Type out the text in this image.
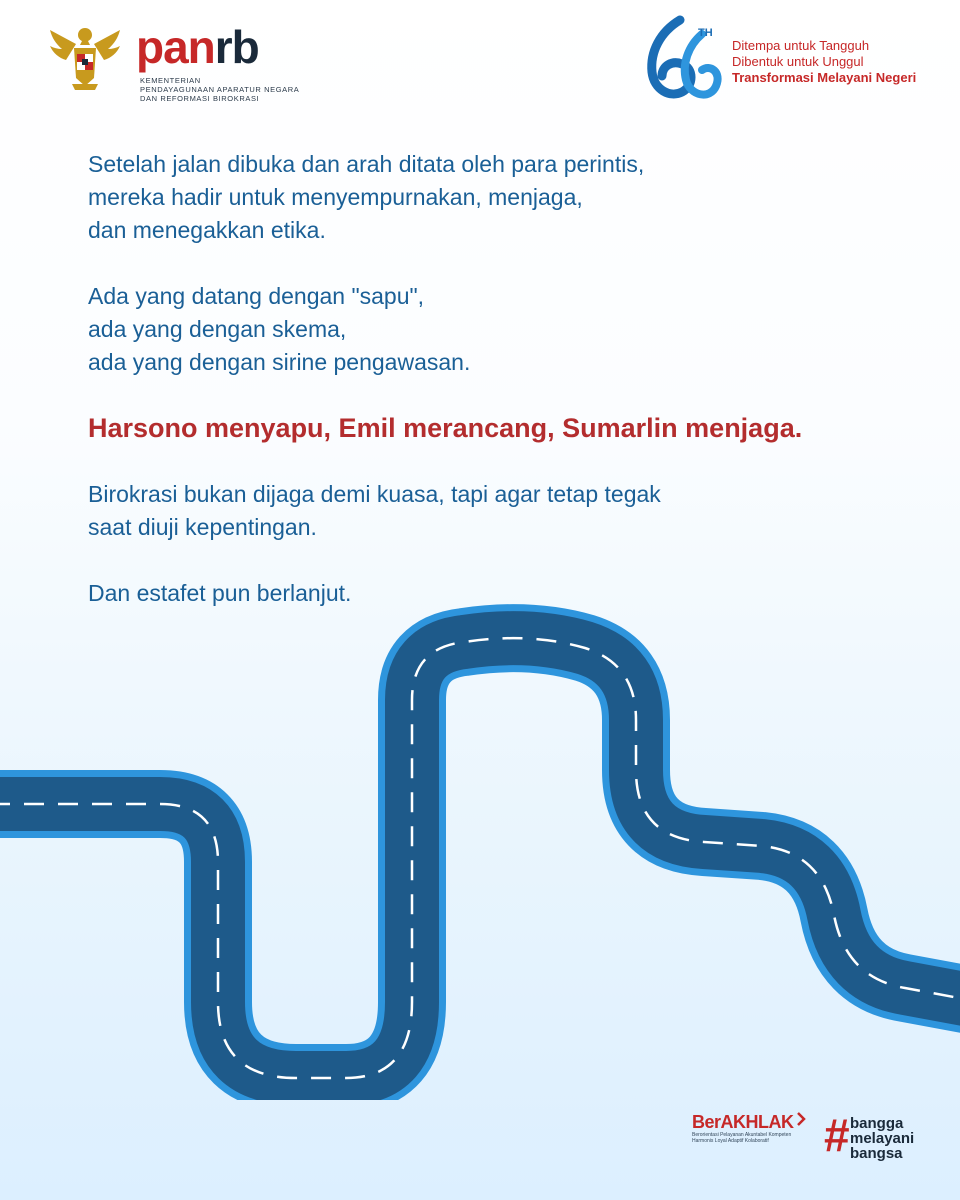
panrb
KEMENTERIAN
PENDAYAGUNAAN APARATUR NEGARA
DAN REFORMASI BIROKRASI
TH
Ditempa untuk Tangguh
Dibentuk untuk Unggul
Transformasi Melayani Negeri
Setelah jalan dibuka dan arah ditata oleh para perintis,
mereka hadir untuk menyempurnakan, menjaga,
dan menegakkan etika.
Ada yang datang dengan "sapu",
ada yang dengan skema,
ada yang dengan sirine pengawasan.
Harsono menyapu, Emil merancang, Sumarlin menjaga.
Birokrasi bukan dijaga demi kuasa, tapi agar tetap tegak
saat diuji kepentingan.
Dan estafet pun berlanjut.
BerAKHLAK
Berorientasi Pelayanan Akuntabel Kompeten
Harmonis Loyal Adaptif Kolaboratif	# bangga
melayani
bangsa
